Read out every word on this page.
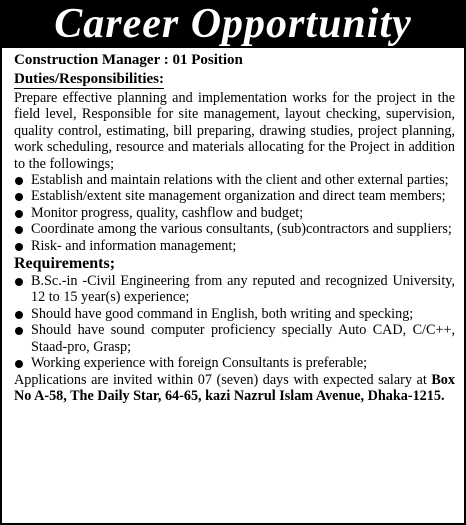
Career Opportunity

Construction Manager : 01 Position

Duties/Responsibilities:

Prepare effective planning and implementation works for the project in the field level, Responsible for site management, layout checking, supervision, quality control, estimating, bill preparing, drawing studies, project planning, work scheduling, resource and materials allocating for the Project in addition to the followings;

Establish and maintain relations with the client and other external parties;
Establish/extent site management organization and direct team members;
Monitor progress, quality, cashflow and budget;
Coordinate among the various consultants, (sub)contractors and suppliers;
Risk- and information management;

Requirements;

B.Sc.-in -Civil Engineering from any reputed and recognized University, 12 to 15 year(s) experience;
Should have good command in English, both writing and specking;
Should have sound computer proficiency specially Auto CAD, C/C++, Staad-pro, Grasp;
Working experience with foreign Consultants is preferable;

Applications are invited within 07 (seven) days with expected salary at Box No A-58, The Daily Star, 64-65, kazi Nazrul Islam Avenue, Dhaka-1215.
